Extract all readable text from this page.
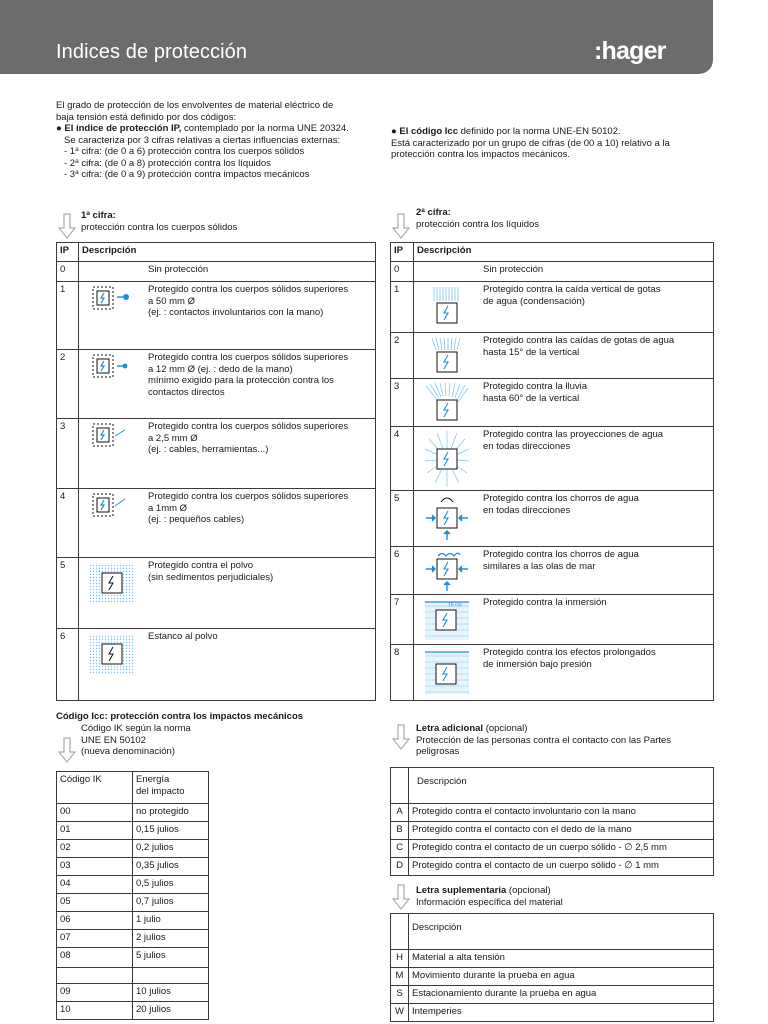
Indices de protección	:hager

El grado de protección de los envolventes de material eléctrico de

baja tensión está definido por dos códigos:

● El índice de protección IP, contemplado por la norma UNE 20324.

Se caracteriza por 3 cifras relativas a ciertas influencias externas:

- 1$^a$ cifra: (de 0 a 6) protección contra los cuerpos sólidos

- 2$^a$ cifra: (de 0 a 8) protección contra los líquidos

- 3$^a$ cifra: (de 0 a 9) protección contra impactos mecánicos

● El código Icc definido por la norma UNE-EN 50102.

Está caracterizado por un grupo de cifras (de 00 a 10) relativo a la

protección contra los impactos mecánicos.

1$^a$ cifra:

protección contra los cuerpos sólidos

2$^a$ cifra:

protección contra los líquidos

IP	Descripción
0	Sin protección

1	Protegido contra los cuerpos sólidos superiores

a 50 mm Ø

(ej. : contactos involuntarios con la mano)

2	Protegido contra los cuerpos sólidos superiores

a 12 mm Ø (ej. : dedo de la mano)

mínimo exigido para la protección contra los

contactos directos

3	Protegido contra los cuerpos sólidos superiores

a 2,5 mm Ø

(ej. : cables, herramientas...)

4	Protegido contra los cuerpos sólidos superiores

a 1mm Ø

(ej. : pequeños cables)

5	Protegido contra el polvo

(sin sedimentos perjudiciales)

6	Estanco al polvo

IP	Descripción
0	Sin protección

1	Protegido contra la caída vertical de gotas

de agua (condensación)

2	Protegido contra las caídas de gotas de agua

hasta 15° de la vertical

3	Protegido contra la lluvia

hasta 60° de la vertical

4	Protegido contra las proyecciones de agua

en todas direcciones

5	Protegido contra los chorros de agua

en todas direcciones

6	Protegido contra los chorros de agua

similares a las olas de mar

7	15 cm Protegido contra la inmersión

8	Protegido contra los efectos prolongados

de inmersión bajo presión

Código Icc: protección contra los impactos mecánicos

Código IK según la norma

UNE EN 50102

(nueva denominación)

Código IK	Energía

del impacto

00	no protegido
01	0,15 julios
02	0,2 julios
03	0,35 julios
04	0,5 julios
05	0,7 julios
06	1 julio
07	2 julios
08	5 julios

09	10 julios
10	20 julios

Letra adicional (opcional)

Protección de las personas contra el contacto con las Partes

peligrosas

	Descripción
A	Protegido contra el contacto involuntario con la mano
B	Protegido contra el contacto con el dedo de la mano
C	Protegido contra el contacto de un cuerpo sólido - ∅ 2,5 mm
D	Protegido contra el contacto de un cuerpo sólido - ∅ 1 mm

Letra suplementaria (opcional)

Información específica del material

	Descripción
H	Material a alta tensión
M	Movimiento durante la prueba en agua
S	Estacionamiento durante la prueba en agua
W	Intemperies
